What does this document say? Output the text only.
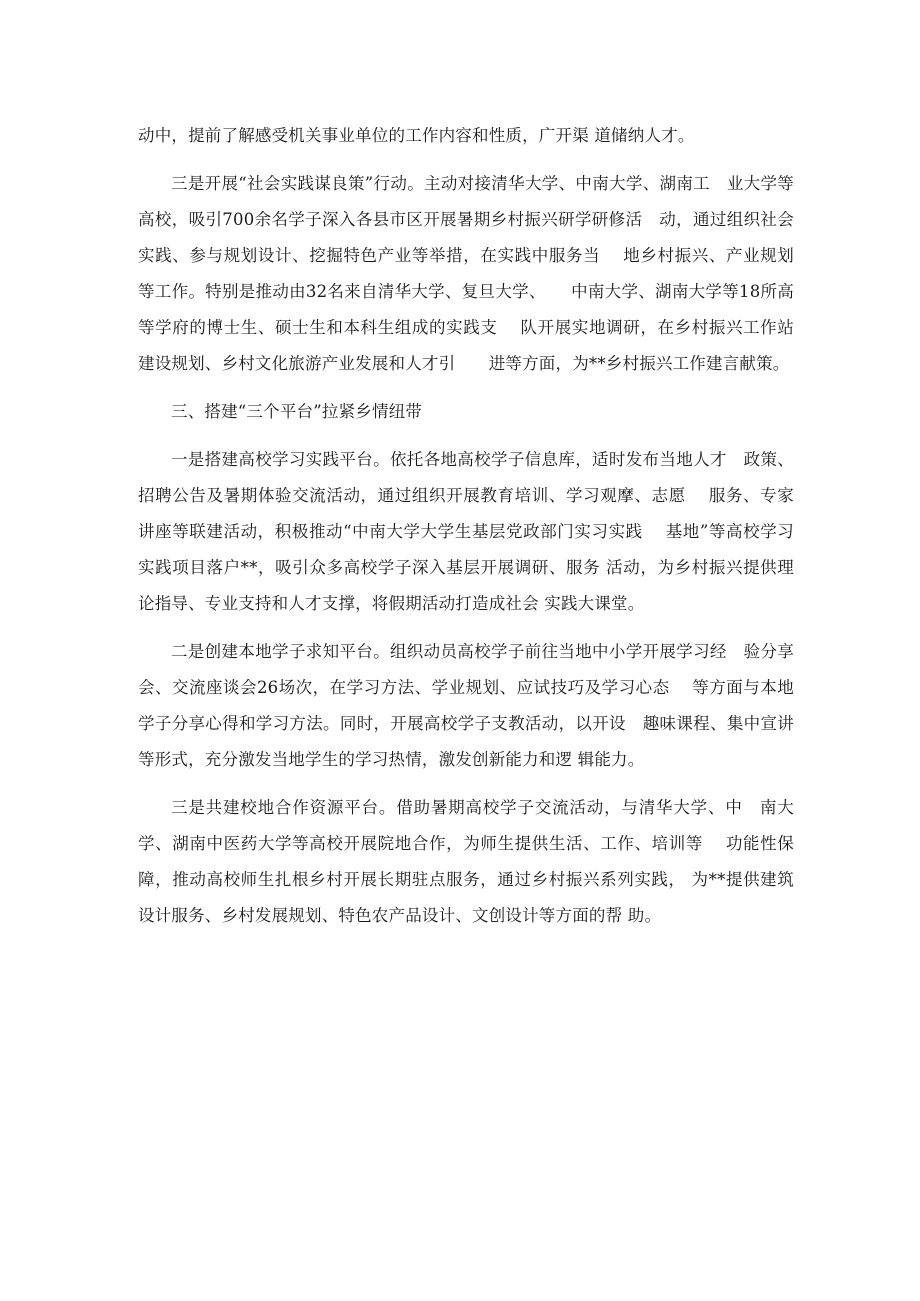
动中，提前了解感受机关事业单位的工作内容和性质，广开渠 道储纳人才。

三是开展“社会实践谋良策”行动。主动对接清华大学、中南大学、湖南工　业大学等高校，吸引700余名学子深入各县市区开展暑期乡村振兴研学研修活　动，通过组织社会实践、参与规划设计、挖掘特色产业等举措，在实践中服务当　 地乡村振兴、产业规划等工作。特别是推动由32名来自清华大学、复旦大学、　　中南大学、湖南大学等18所高等学府的博士生、硕士生和本科生组成的实践支　 队开展实地调研，在乡村振兴工作站建设规划、乡村文化旅游产业发展和人才引　　进等方面，为**乡村振兴工作建言献策。

三、搭建“三个平台”拉紧乡情纽带

一是搭建高校学习实践平台。依托各地高校学子信息库，适时发布当地人才　政策、招聘公告及暑期体验交流活动，通过组织开展教育培训、学习观摩、志愿　 服务、专家讲座等联建活动，积极推动“中南大学大学生基层党政部门实习实践　 基地”等高校学习实践项目落户**，吸引众多高校学子深入基层开展调研、服务 活动，为乡村振兴提供理论指导、专业支持和人才支撑，将假期活动打造成社会 实践大课堂。

二是创建本地学子求知平台。组织动员高校学子前往当地中小学开展学习经　验分享会、交流座谈会26场次，在学习方法、学业规划、应试技巧及学习心态　 等方面与本地学子分享心得和学习方法。同时，开展高校学子支教活动，以开设　趣味课程、集中宣讲等形式，充分激发当地学生的学习热情，激发创新能力和逻 辑能力。

三是共建校地合作资源平台。借助暑期高校学子交流活动，与清华大学、中　南大学、湖南中医药大学等高校开展院地合作，为师生提供生活、工作、培训等　 功能性保障，推动高校师生扎根乡村开展长期驻点服务，通过乡村振兴系列实践， 为**提供建筑设计服务、乡村发展规划、特色农产品设计、文创设计等方面的帮 助。
